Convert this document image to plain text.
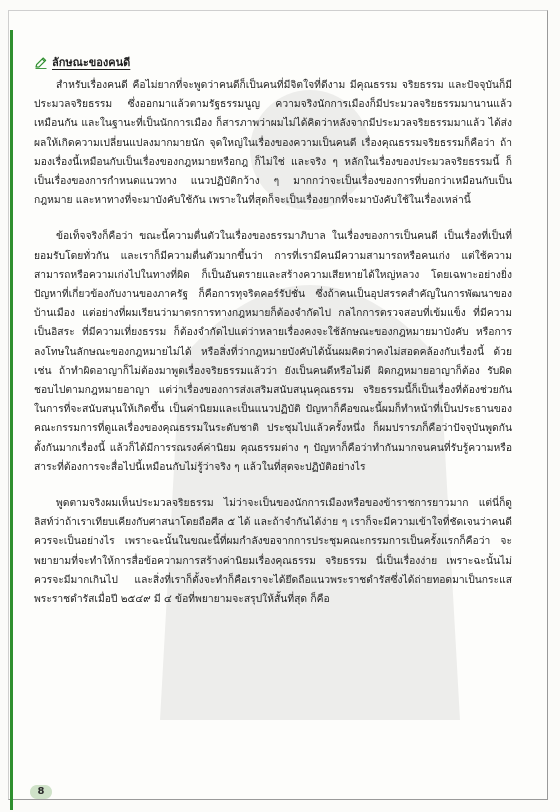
ลักษณะของคนดี

สำหรับเรื่องคนดี คือไม่ยากที่จะพูดว่าคนดีก็เป็นคนที่มีจิตใจที่ดีงาม มีคุณธรรม จริยธรรม และปัจจุบันก็มีประมวลจริยธรรม ซึ่งออกมาแล้วตามรัฐธรรมนูญ ความจริงนักการเมืองก็มีประมวลจริยธรรมมานานแล้วเหมือนกัน และในฐานะที่เป็นนักการเมือง ก็สารภาพว่าผมไม่ได้คิดว่าหลังจากมีประมวลจริยธรรมมาแล้ว ได้ส่งผลให้เกิดความเปลี่ยนแปลงมากมายนัก จุดใหญ่ในเรื่องของความเป็นคนดี เรื่องคุณธรรมจริยธรรมก็คือว่า ถ้ามองเรื่องนี้เหมือนกับเป็นเรื่องของกฎหมายหรือกฎ ก็ไม่ใช่ และจริง ๆ หลักในเรื่องของประมวลจริยธรรมนี้ ก็เป็นเรื่องของการกำหนดแนวทาง แนวปฏิบัติกว้าง ๆ มากกว่าจะเป็นเรื่องของการที่บอกว่าเหมือนกับเป็นกฎหมาย และหาทางที่จะมาบังคับใช้กัน เพราะในที่สุดก็จะเป็นเรื่องยากที่จะมาบังคับใช้ในเรื่องเหล่านี้

ข้อเท็จจริงก็คือว่า ขณะนี้ความตื่นตัวในเรื่องของธรรมาภิบาล ในเรื่องของการเป็นคนดี เป็นเรื่องที่เป็นที่ยอมรับโดยทั่วกัน และเราก็มีความตื่นตัวมากขึ้นว่า การที่เรามีคนมีความสามารถหรือคนเก่ง แต่ใช้ความสามารถหรือความเก่งไปในทางที่ผิด ก็เป็นอันตรายและสร้างความเสียหายได้ใหญ่หลวง โดยเฉพาะอย่างยิ่งปัญหาที่เกี่ยวข้องกับงานของภาครัฐ ก็คือการทุจริตคอร์รัปชั่น ซึ่งถ้าคนเป็นอุปสรรคสำคัญในการพัฒนาของบ้านเมือง แต่อย่างที่ผมเรียนว่ามาตรการทางกฎหมายก็ต้องจำกัดไป กลไกการตรวจสอบที่เข้มแข็ง ที่มีความเป็นอิสระ ที่มีความเที่ยงธรรม ก็ต้องจำกัดไปแต่ว่าหลายเรื่องคงจะใช้ลักษณะของกฎหมายมาบังคับ หรือการลงโทษในลักษณะของกฎหมายไม่ได้ หรือสิ่งที่ว่ากฎหมายบังคับได้นั้นผมคิดว่าคงไม่สอดคล้องกับเรื่องนี้ ด้วย เช่น ถ้าทำผิดอาญาก็ไม่ต้องมาพูดเรื่องจริยธรรมแล้วว่า ยังเป็นคนดีหรือไม่ดี ผิดกฎหมายอาญาก็ต้อง รับผิดชอบไปตามกฎหมายอาญา แต่ว่าเรื่องของการส่งเสริมสนับสนุนคุณธรรม จริยธรรมนี้ก็เป็นเรื่องที่ต้องช่วยกันในการที่จะสนับสนุนให้เกิดขึ้น เป็นค่านิยมและเป็นแนวปฏิบัติ ปัญหาก็คือขณะนี้ผมก็ทำหน้าที่เป็นประธานของคณะกรรมการที่ดูแลเรื่องของคุณธรรมในระดับชาติ ประชุมไปแล้วครั้งหนึ่ง ก็ผมปรารภก็คือว่าปัจจุบันพูดกันตั้งกันมากเรื่องนี้ แล้วก็ได้มีการรณรงค์ค่านิยม คุณธรรมต่าง ๆ ปัญหาก็คือว่าทำกันมากจนคนที่รับรู้ความหรือสาระที่ต้องการจะสื่อไปนี้เหมือนกับไม่รู้ว่าจริง ๆ แล้วในที่สุดจะปฏิบัติอย่างไร

พูดตามจริงผมเห็นประมวลจริยธรรม ไม่ว่าจะเป็นของนักการเมืองหรือของข้าราชการยาวมาก แต่นี่ก็ดูลิสท์ว่าถ้าเราเทียบเคียงกับศาสนาโดยถือศีล ๕ ได้ และถ้าจำกันได้ง่าย ๆ เราก็จะมีความเข้าใจที่ชัดเจนว่าคนดีควรจะเป็นอย่างไร เพราะฉะนั้นในขณะนี้ที่ผมกำลังขอจากการประชุมคณะกรรมการเป็นครั้งแรกก็คือว่า จะพยายามที่จะทำให้การสื่อข้อความการสร้างค่านิยมเรื่องคุณธรรม จริยธรรม นี่เป็นเรื่องง่าย เพราะฉะนั้นไม่ควรจะมีมากเกินไป และสิ่งที่เราก็ตั้งจะทำก็คือเราจะได้ยึดถือแนวพระราชดำรัสซึ่งได้ถ่ายทอดมาเป็นกระแสพระราชดำรัสเมื่อปี ๒๕๔๙ มี ๔ ข้อที่พยายามจะสรุปให้สั้นที่สุด ก็คือ

8
